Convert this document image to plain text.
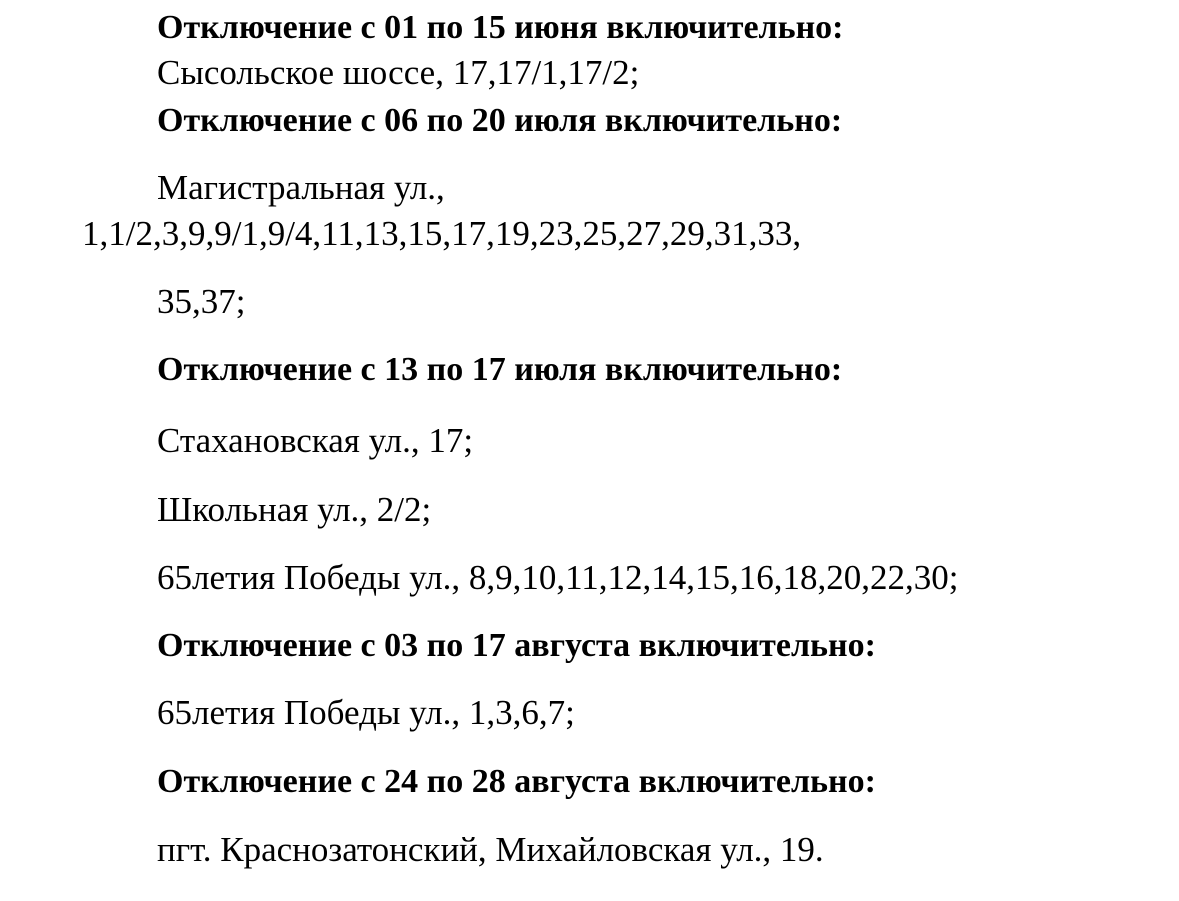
Отключение с 01 по 15 июня включительно:
Сысольское шоссе, 17,17/1,17/2;
Отключение с 06 по 20 июля включительно:
Магистральная ул.,
1,1/2,3,9,9/1,9/4,11,13,15,17,19,23,25,27,29,31,33,
35,37;
Отключение с 13 по 17 июля включительно:
Стахановская ул., 17;
Школьная ул., 2/2;
65летия Победы ул., 8,9,10,11,12,14,15,16,18,20,22,30;
Отключение с 03 по 17 августа включительно:
65летия Победы ул., 1,3,6,7;
Отключение с 24 по 28 августа включительно:
пгт. Краснозатонский, Михайловская ул., 19.
